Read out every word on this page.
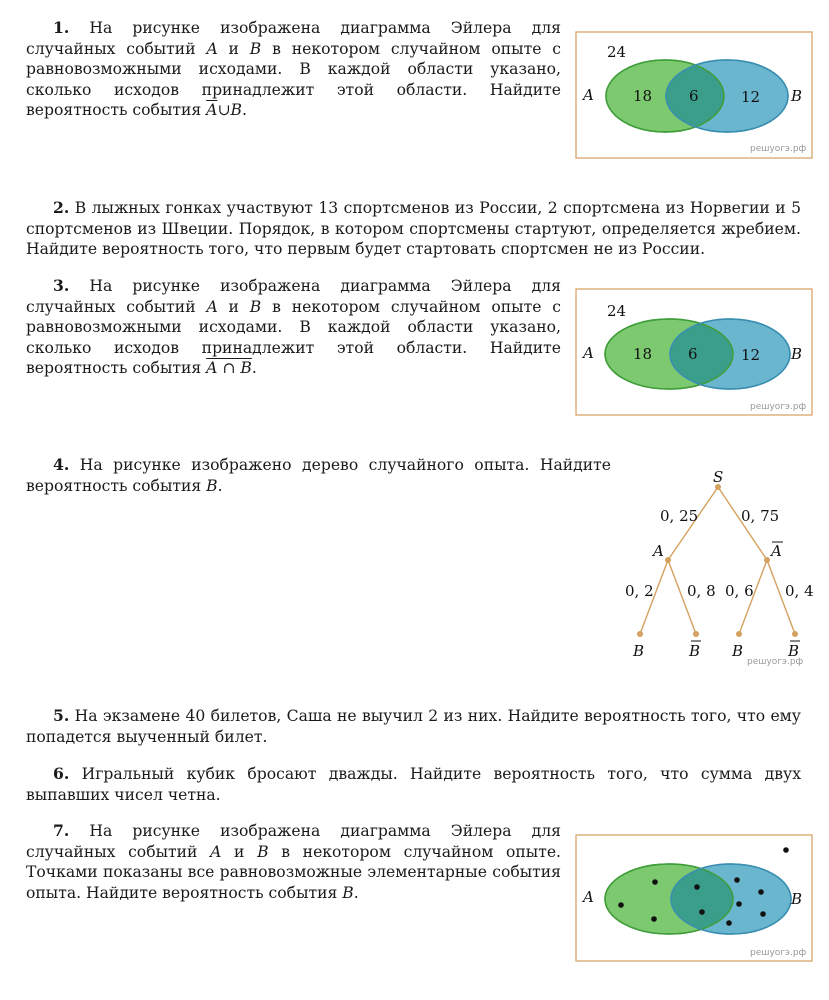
1. На рисунке изображена диаграмма Эйлера для случайных событий A и B в некотором случайном опыте с равновозможными исходами. В каждой области указано, сколько исходов принадлежит этой области. Найдите вероятность события $\overline{A}\cup B$.
24
18 6	12
A	B
решуогэ.рф
2. В лыжных гонках участвуют 13 спортсменов из России, 2 спортсмена из Норвегии и 5 спортсменов из Швеции. Порядок, в котором спортсмены стартуют, определяется жребием. Найдите вероятность того, что первым будет стартовать спортсмен не из России.
3. На рисунке изображена диаграмма Эйлера для случайных событий A и B в некотором случайном опыте с равновозможными исходами. В каждой области указано, сколько исходов принадлежит этой области. Найдите вероятность события A ∩ B.
24
18 6	12
A	B
решуогэ.рф
4. На рисунке изображено дерево случайного опыта. Найдите вероятность события B.	S
A	A
0, 25	0, 75
0, 2 0, 8 0, 6 0, 4
B	B B	B
решуогэ.рф
5. На экзамене 40 билетов, Саша не выучил 2 из них. Найдите вероятность того, что ему попадется выученный билет.
6. Игральный кубик бросают дважды. Найдите вероятность того, что сумма двух выпавших чисел четна.
7. На рисунке изображена диаграмма Эйлера для случайных событий A и B в некотором случайном опыте. Точками показаны все равновозможные элементарные события опыта. Найдите вероятность события B.	A	B
решуогэ.рф
